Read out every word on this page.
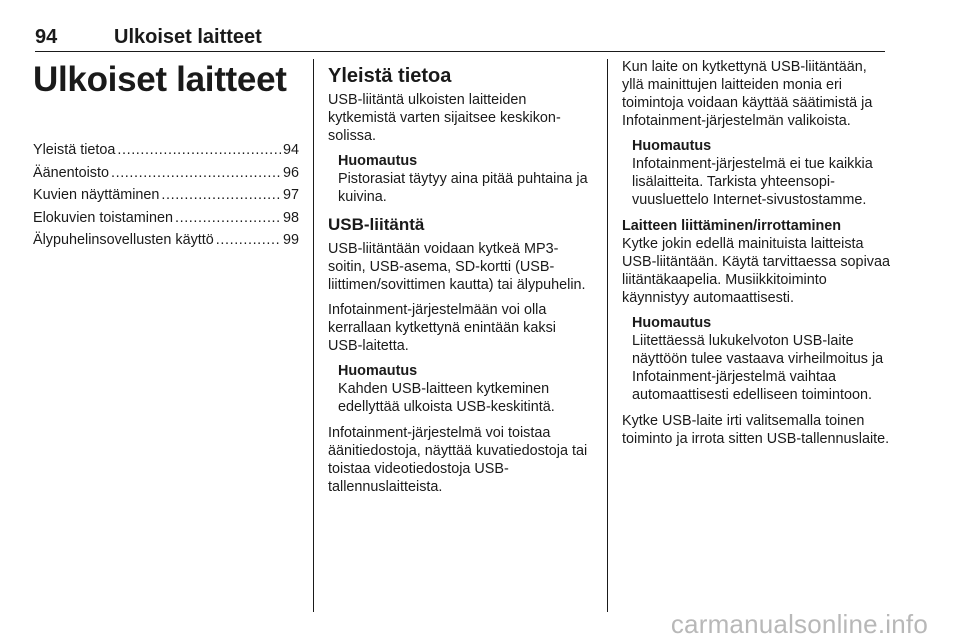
94	Ulkoiset laitteet
Ulkoiset laitteet
Yleistä tietoa .....	94
Äänentoisto .....	96
Kuvien näyttäminen .....	97
Elokuvien toistaminen .....	98
Älypuhelinsovellusten käyttö .....	99
Yleistä tietoa

USB-liitäntä ulkoisten laitteiden kytkemistä varten sijaitsee keskikonsolissa.

Huomautus
Pistorasiat täytyy aina pitää puhtaina ja kuivina.
USB-liitäntä

USB-liitäntään voidaan kytkeä MP3-soitin, USB-asema, SD-kortti (USB-liittimen/sovittimen kautta) tai älypuhelin.

Infotainment-järjestelmään voi olla kerrallaan kytkettynä enintään kaksi USB-laitetta.

Huomautus
Kahden USB-laitteen kytkeminen edellyttää ulkoista USB-keskitintä.

Infotainment-järjestelmä voi toistaa äänitiedostoja, näyttää kuvatiedostoja tai toistaa videotiedostoja USB-tallennuslaitteista.

Kun laite on kytkettynä USB-liitäntään, yllä mainittujen laitteiden monia eri toimintoja voidaan käyttää säätimistä ja Infotainment-järjestelmän valikoista.

Huomautus
Infotainment-järjestelmä ei tue kaikkia lisälaitteita. Tarkista yhteensopivuusluettelo Internet-sivustostamme.
Laitteen liittäminen/irrottaminen

Kytke jokin edellä mainituista laitteista USB-liitäntään. Käytä tarvittaessa sopivaa liitäntäkaapelia. Musiikkitoiminto käynnistyy automaattisesti.

Huomautus
Liitettäessä lukukelvoton USB-laite näyttöön tulee vastaava virheilmoitus ja Infotainment-järjestelmä vaihtaa automaattisesti edelliseen toimintoon.

Kytke USB-laite irti valitsemalla toinen toiminto ja irrota sitten USB-tallennuslaite.

carmanualsonline.info
